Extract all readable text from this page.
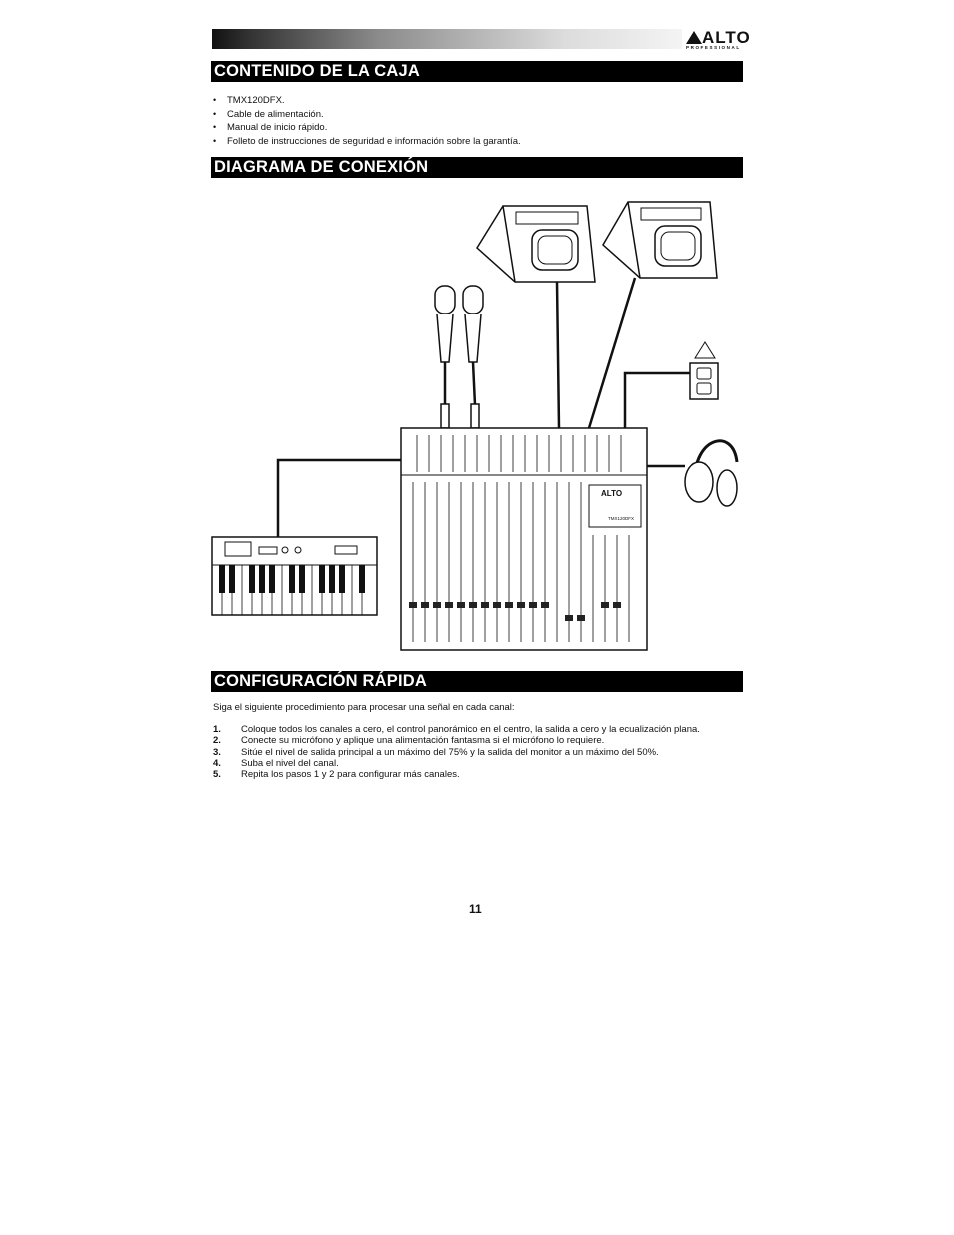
ALTO
PROFESSIONAL
CONTENIDO DE LA CAJA
• TMX120DFX.
• Cable de alimentación.
• Manual de inicio rápido.
• Folleto de instrucciones de seguridad e información sobre la garantía.
DIAGRAMA DE CONEXIÓN
ALTO
TMX120DFX
CONFIGURACIÓN RÁPIDA
Siga el siguiente procedimiento para procesar una señal en cada canal:
1. Coloque todos los canales a cero, el control panorámico en el centro, la salida a cero y la ecualización plana.
2. Conecte su micrófono y aplique una alimentación fantasma si el micrófono lo requiere.
3. Sitúe el nivel de salida principal a un máximo del 75% y la salida del monitor a un máximo del 50%.
4. Suba el nivel del canal.
5. Repita los pasos 1 y 2 para configurar más canales.
11
